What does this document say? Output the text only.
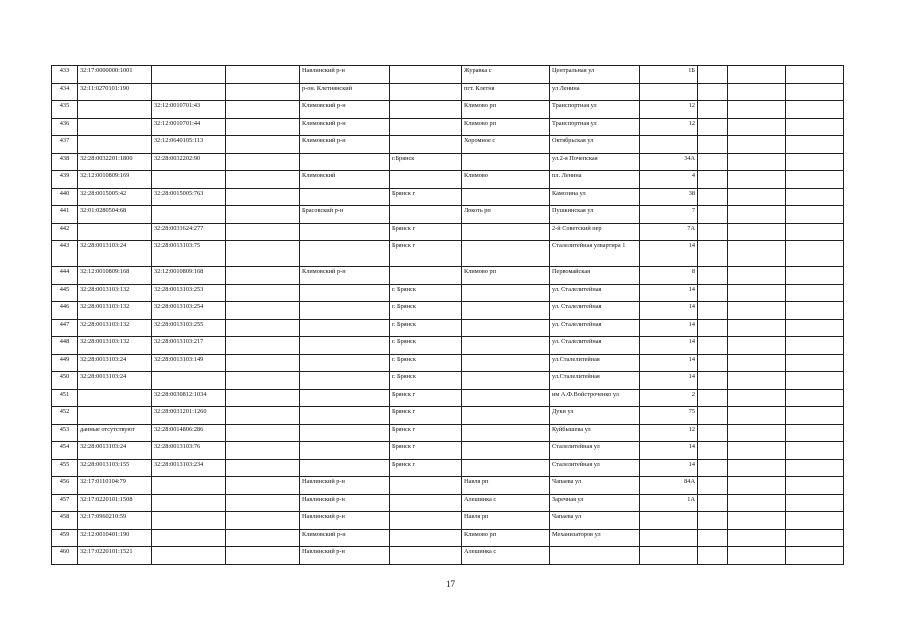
433	32:17:0000000:1001			Навлинский р-н		Журавка с	Центральная ул	1Б			
434	32:11:0270101:190			р-он. Клетнянский		пгт. Клетня	ул Ленина				
435		32:12:0010701:43		Климовский р-н		Климово рп	Транспортная ул	12			
436		32:12:0010701:44		Климовский р-н		Климово рп	Транспортная ул	12			
437		32:12:0640105:113		Климовский р-н		Хоромное с	Октябрьская ул				
438	32:28:0032201:1800	32:28:0032202:90			г.Брянск		ул.2-я Почепская	34А			
439	32:12:0010809:169			Климовский		Климово	пл. Ленина	4			
440	32:28:0015005:42	32:28:0015005:763			Брянск г		Камозина ул	38			
441	32:01:0280504:68			Брасовский р-н		Локоть рп	Пушкинская ул	7			
442		32:28:0031624:277			Брянск г		2-й Советский пер	7А			
443	32:28:0013103:24	32:28:0013103:75			Брянск г		Сталелитейная улвартира 1	14			
444	32:12:0010809:168	32:12:0010809:168		Климовский р-н		Климово рп	Первомайская	8			
445	32:28:0013103:132	32:28:0013103:253			г. Брянск		ул. Сталелитейная	14			
446	32:28:0013103:132	32:28:0013103:254			г. Брянск		ул. Сталелитейная	14			
447	32:28:0013103:132	32:28:0013103:255			г. Брянск		ул. Сталелитейная	14			
448	32:28:0013103:132	32:28:0013103:217			г. Брянск		ул. Сталелитейная	14			
449	32:28:0013103:24	32:28:0013103:149			г. Брянск		ул.Сталелитейная	14			
450	32:28:0013103:24				г. Брянск		ул.Сталелитейная	14			
451		32:28:0030812:1034			Брянск г		им А.Ф.Войстроченко ул	2			
452		32:28:0031201:1260			Брянск г		Дуки ул	75			
453	данные отсутствуют	32:28:0014806:286			Брянск г		Куйбышева ул	12			
454	32:28:0013103:24	32:28:0013103:76			Брянск г		Сталелитейная ул	14			
455	32:28:0013103:155	32:28:0013103:234			Брянск г		Сталелитейная ул	14			
456	32:17:0110104:79			Навлинский р-н		Навля рп	Чапаева ул	84А			
457	32:17:0220101:1508			Навлинский р-н		Алешинка с	Заречная ул	1А			
458	32:17:0960210:59			Навлинский р-н		Навля рп	Чапаева ул				
459	32:12:0010401:190			Климовский р-н		Климово рп	Механизаторов ул				
460	32:17:0220101:1521			Навлинский р-н		Алешинка с					
17
